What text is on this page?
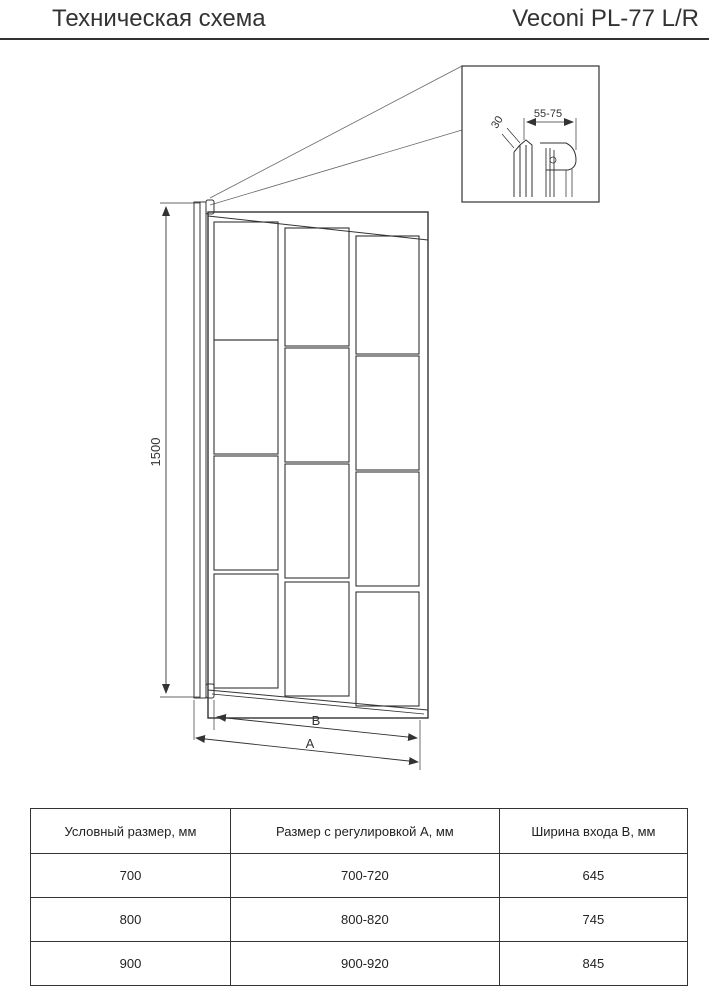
Техническая схема	Veconi PL-77 L/R
55-75
30
1500
B
A
Условный размер, мм	Размер с регулировкой А, мм	Ширина входа В, мм
700	700-720	645
800	800-820	745
900	900-920	845
